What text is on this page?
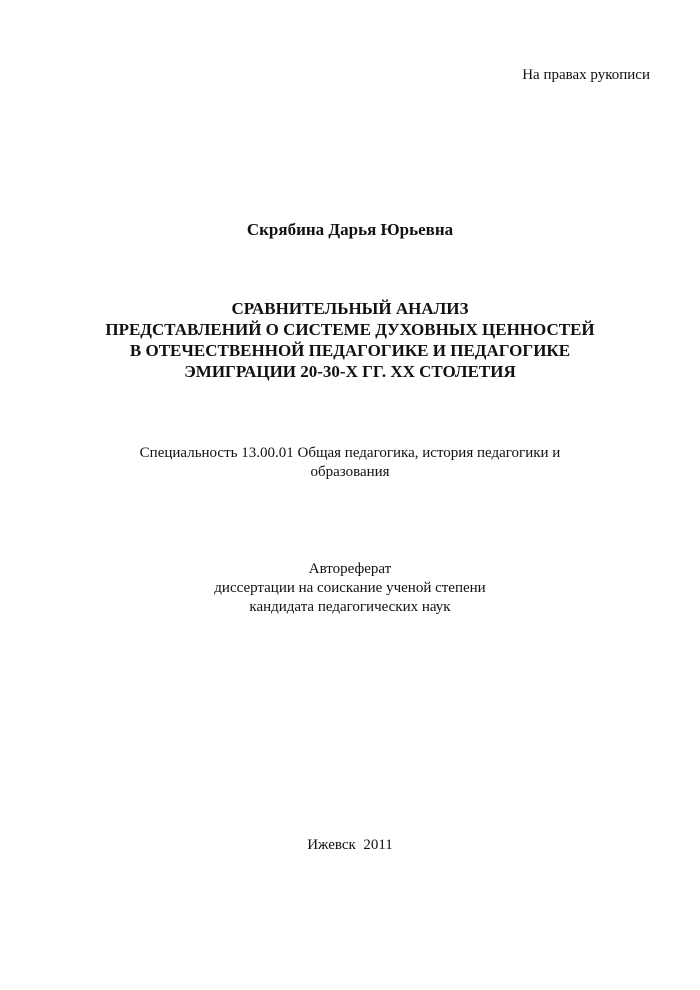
На правах рукописи
Скрябина Дарья Юрьевна
СРАВНИТЕЛЬНЫЙ АНАЛИЗ
ПРЕДСТАВЛЕНИЙ О СИСТЕМЕ ДУХОВНЫХ ЦЕННОСТЕЙ
В ОТЕЧЕСТВЕННОЙ ПЕДАГОГИКЕ И ПЕДАГОГИКЕ
ЭМИГРАЦИИ 20-30-Х ГГ. ХХ СТОЛЕТИЯ
Специальность 13.00.01 Общая педагогика, история педагогики и
образования
Автореферат
диссертации на соискание ученой степени
кандидата педагогических наук
Ижевск  2011
